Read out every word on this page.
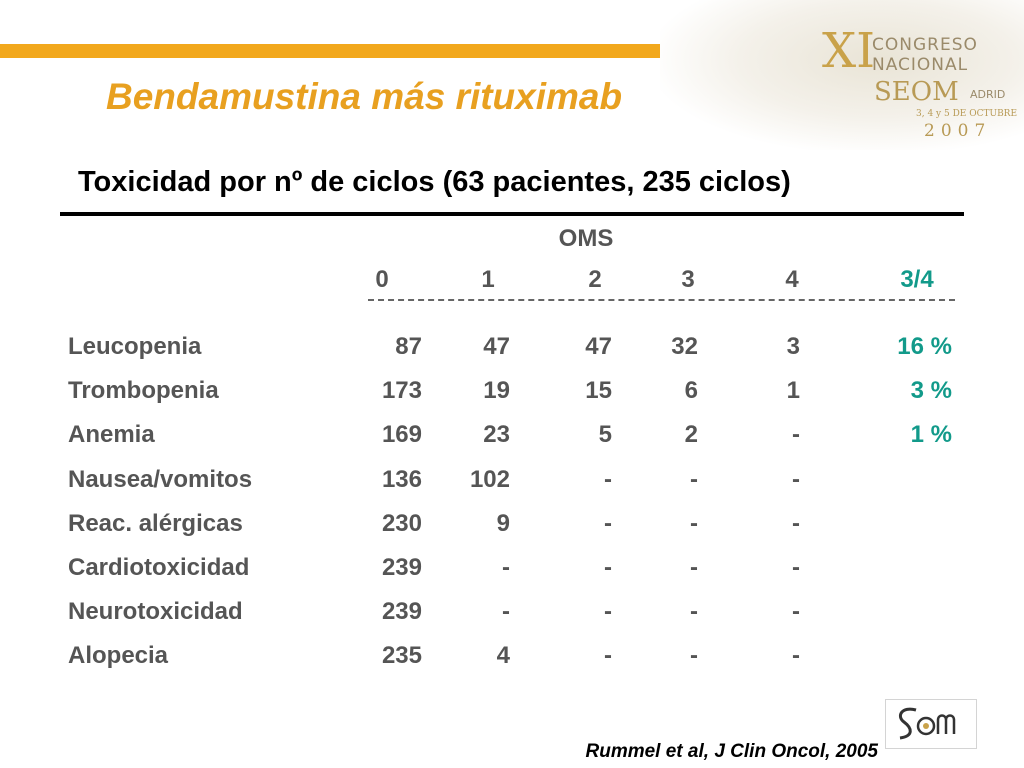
Bendamustina más rituximab
XI
CONGRESO
NACIONAL
SEOM ADRID
3, 4 y 5 DE OCTUBRE
2007
Toxicidad por nº de ciclos (63 pacientes, 235 ciclos)
OMS
0	1	2	3	4	3/4
Leucopenia	87	47	47	32	3	16 %
Trombopenia	173	19	15	6	1	3 %
Anemia	169	23	5	2	-	1 %
Nausea/vomitos	136	102	-	-	-
Reac. alérgicas	230	9	-	-	-
Cardiotoxicidad	239	-	-	-	-
Neurotoxicidad	239	-	-	-	-
Alopecia	235	4	-	-	-
Rummel et al, J Clin Oncol, 2005
